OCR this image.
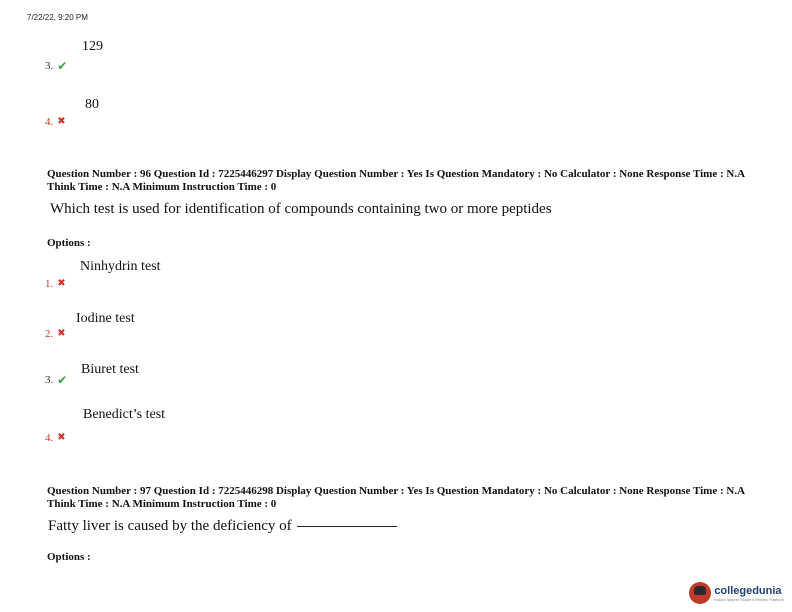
7/22/22, 9:20 PM
129
3. ✔
80
4. ✖
Question Number : 96 Question Id : 7225446297 Display Question Number : Yes Is Question Mandatory : No Calculator : None Response Time : N.A Think Time : N.A Minimum Instruction Time : 0
Which test is used for identification of compounds containing two or more peptides
Options :
Ninhydrin test
1. ✖
Iodine test
2. ✖
Biuret test
3. ✔
Benedict’s test
4. ✖
Question Number : 97 Question Id : 7225446298 Display Question Number : Yes Is Question Mandatory : No Calculator : None Response Time : N.A Think Time : N.A Minimum Instruction Time : 0
Fatty liver is caused by the deficiency of
Options :
collegedunia
India's largest Student Review Platform
